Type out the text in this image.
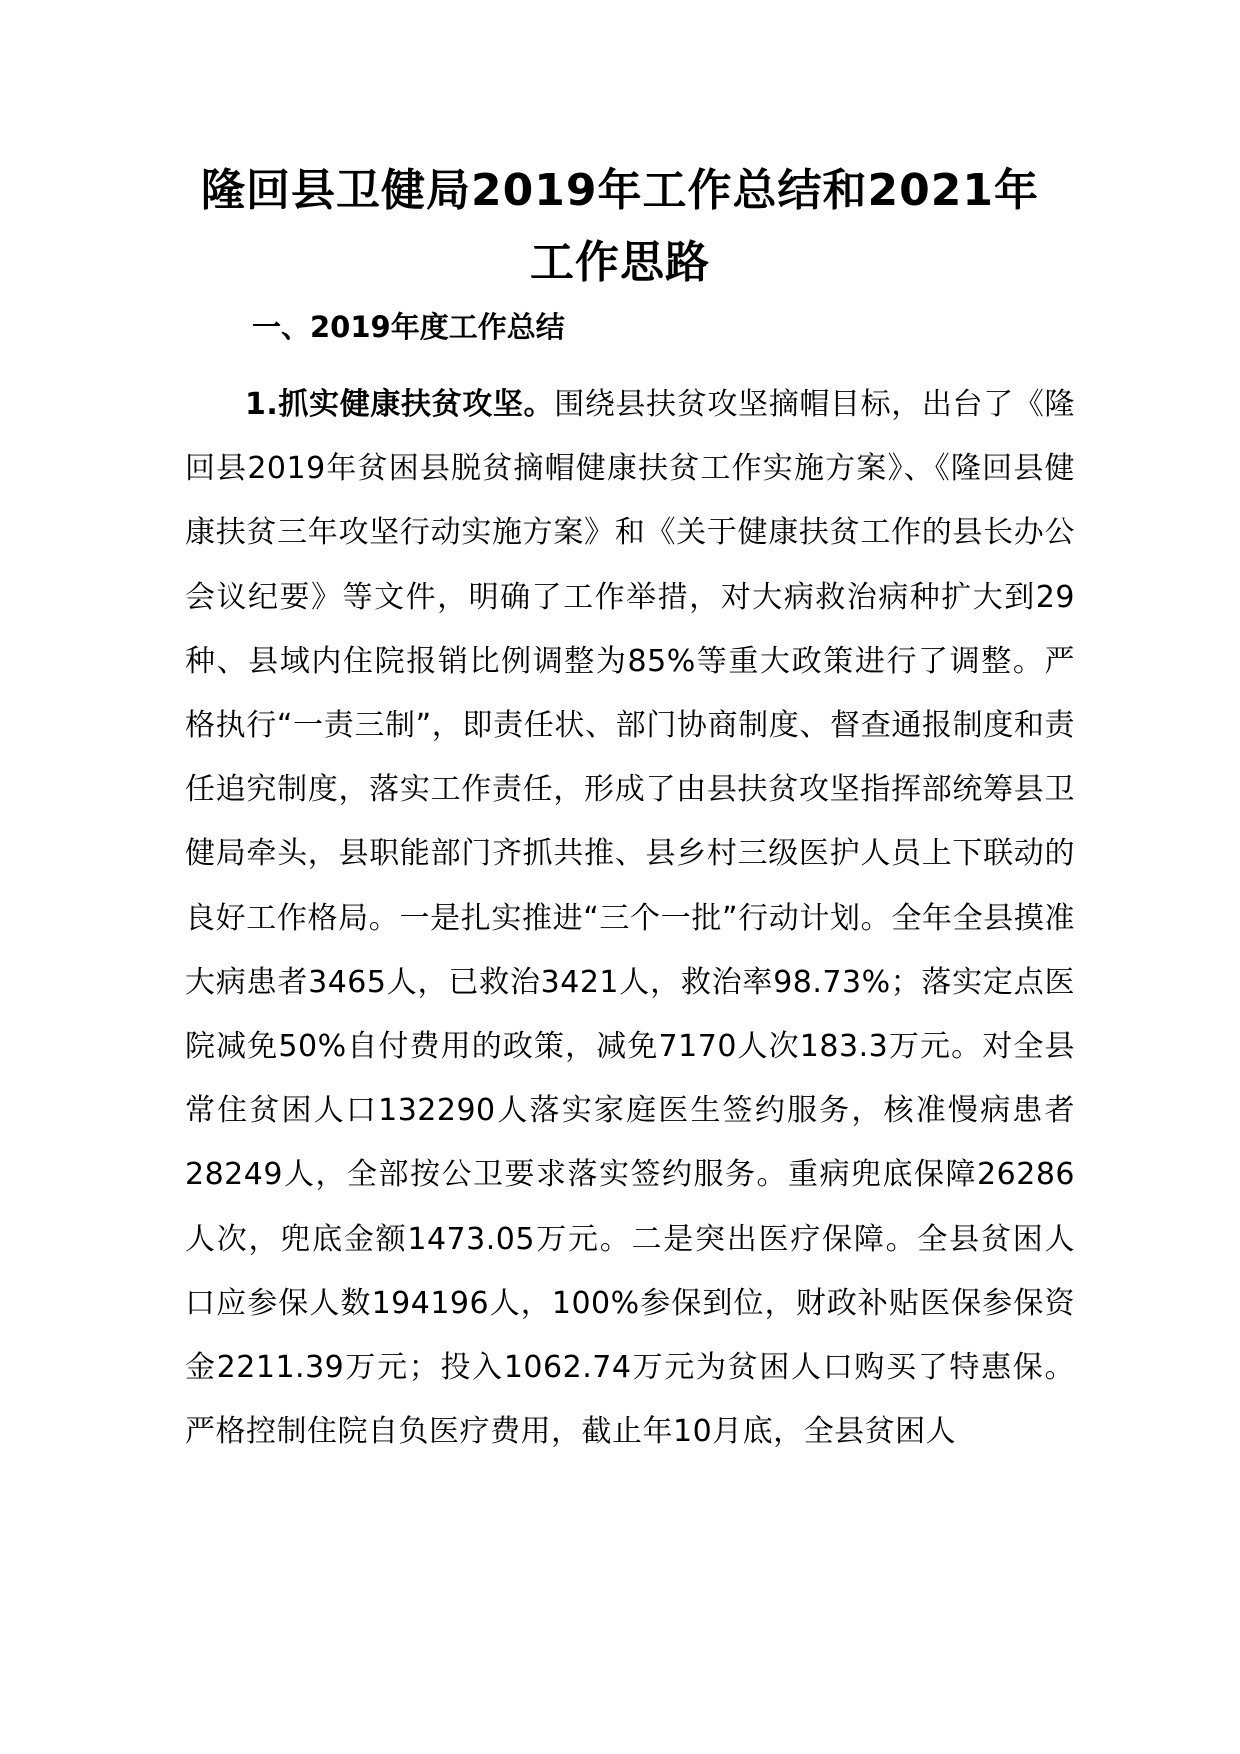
隆回县卫健局2019年工作总结和2021年工作思路
一、2019年度工作总结

1.抓实健康扶贫攻坚。围绕县扶贫攻坚摘帽目标，出台了《隆回县2019年贫困县脱贫摘帽健康扶贫工作实施方案》、《隆回县健康扶贫三年攻坚行动实施方案》和《关于健康扶贫工作的县长办公会议纪要》等文件，明确了工作举措，对大病救治病种扩大到29种、县域内住院报销比例调整为85%等重大政策进行了调整。严格执行“一责三制”，即责任状、部门协商制度、督查通报制度和责任追究制度，落实工作责任，形成了由县扶贫攻坚指挥部统筹县卫健局牵头，县职能部门齐抓共推、县乡村三级医护人员上下联动的良好工作格局。一是扎实推进“三个一批”行动计划。全年全县摸准大病患者3465人，已救治3421人，救治率98.73%；落实定点医院减免50%自付费用的政策，减免7170人次183.3万元。对全县常住贫困人口132290人落实家庭医生签约服务，核准慢病患者28249人，全部按公卫要求落实签约服务。重病兜底保障26286人次，兜底金额1473.05万元。二是突出医疗保障。全县贫困人口应参保人数194196人，100%参保到位，财政补贴医保参保资金2211.39万元；投入1062.74万元为贫困人口购买了特惠保。严格控制住院自负医疗费用，截止年10月底，全县贫困人
